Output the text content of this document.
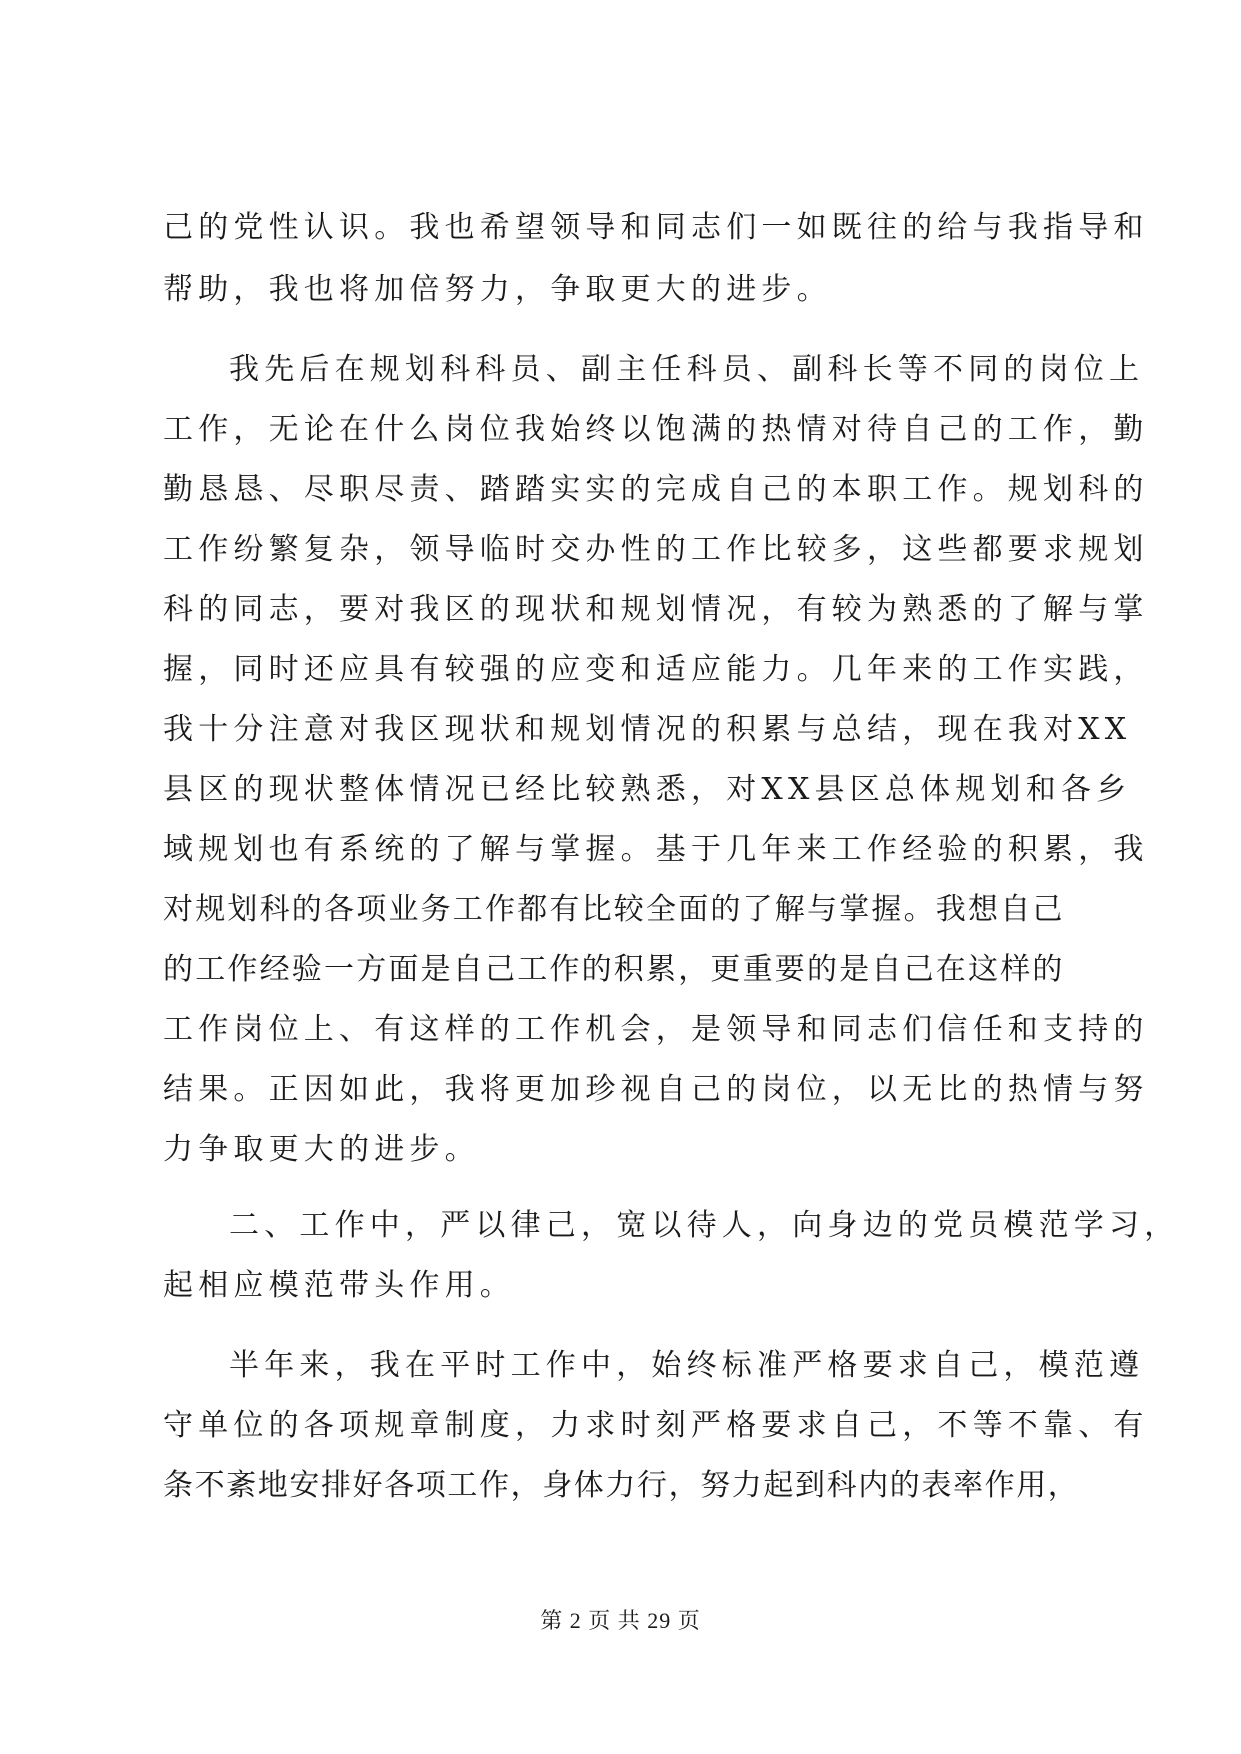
己的党性认识。我也希望领导和同志们一如既往的给与我指导和
帮助，我也将加倍努力，争取更大的进步。
我先后在规划科科员、副主任科员、副科长等不同的岗位上
工作，无论在什么岗位我始终以饱满的热情对待自己的工作，勤
勤恳恳、尽职尽责、踏踏实实的完成自己的本职工作。规划科的
工作纷繁复杂，领导临时交办性的工作比较多，这些都要求规划
科的同志，要对我区的现状和规划情况，有较为熟悉的了解与掌
握，同时还应具有较强的应变和适应能力。几年来的工作实践，
我十分注意对我区现状和规划情况的积累与总结，现在我对XX
县区的现状整体情况已经比较熟悉，对XX县区总体规划和各乡
域规划也有系统的了解与掌握。基于几年来工作经验的积累，我
对规划科的各项业务工作都有比较全面的了解与掌握。我想自己
的工作经验一方面是自己工作的积累，更重要的是自己在这样的
工作岗位上、有这样的工作机会，是领导和同志们信任和支持的
结果。正因如此，我将更加珍视自己的岗位，以无比的热情与努
力争取更大的进步。
二、工作中，严以律己，宽以待人，向身边的党员模范学习，
起相应模范带头作用。
半年来，我在平时工作中，始终标准严格要求自己，模范遵
守单位的各项规章制度，力求时刻严格要求自己，不等不靠、有
条不紊地安排好各项工作，身体力行，努力起到科内的表率作用，
第 2 页 共 29 页
